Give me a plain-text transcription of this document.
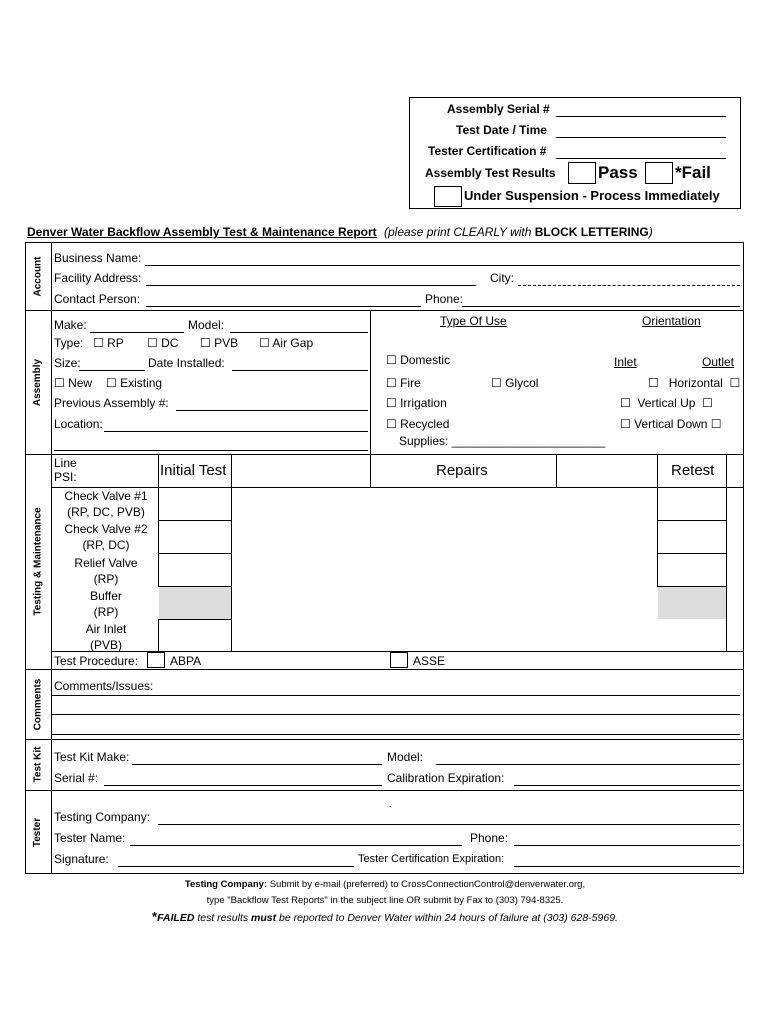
Assembly Serial #
Test Date / Time
Tester Certification #
Assembly Test Results	Pass *Fail
Under Suspension - Process Immediately
Denver Water Backflow Assembly Test & Maintenance Report (please print CLEARLY with BLOCK LETTERING)
Account
Assembly
Testing & Maintenance
Comments
Test Kit
Tester
Business Name:
Facility Address:	City:
Contact Person:	Phone:
Make:	Model:
Type: ☐ RP ☐ DC ☐ PVB ☐ Air Gap
Size:	Date Installed:
☐ New ☐ Existing
Previous Assembly #:
Location:
Type Of Use	Orientation
☐ Domestic
☐ Fire	☐ Glycol
☐ Irrigation
☐ Recycled
Supplies: _______________________
Inlet	Outlet
☐   Horizontal  ☐
☐  Vertical Up  ☐
☐ Vertical Down ☐
Line
PSI:	Initial Test	Repairs	Retest
Check Valve #1
(RP, DC, PVB)
Check Valve #2
(RP, DC)
Relief Valve
(RP)
Buffer
(RP)
Air Inlet
(PVB)
Test Procedure:	ABPA	ASSE
Comments/Issues:
Test Kit Make:	Model:
Serial #:	Calibration Expiration:
.
Testing Company:
Tester Name:	Phone:
Signature:	Tester Certification Expiration:
Testing Company: Submit by e-mail (preferred) to CrossConnectionControl@denverwater.org,
type "Backflow Test Reports" in the subject line OR submit by Fax to (303) 794-8325.
*FAILED test results must be reported to Denver Water within 24 hours of failure at (303) 628-5969.
